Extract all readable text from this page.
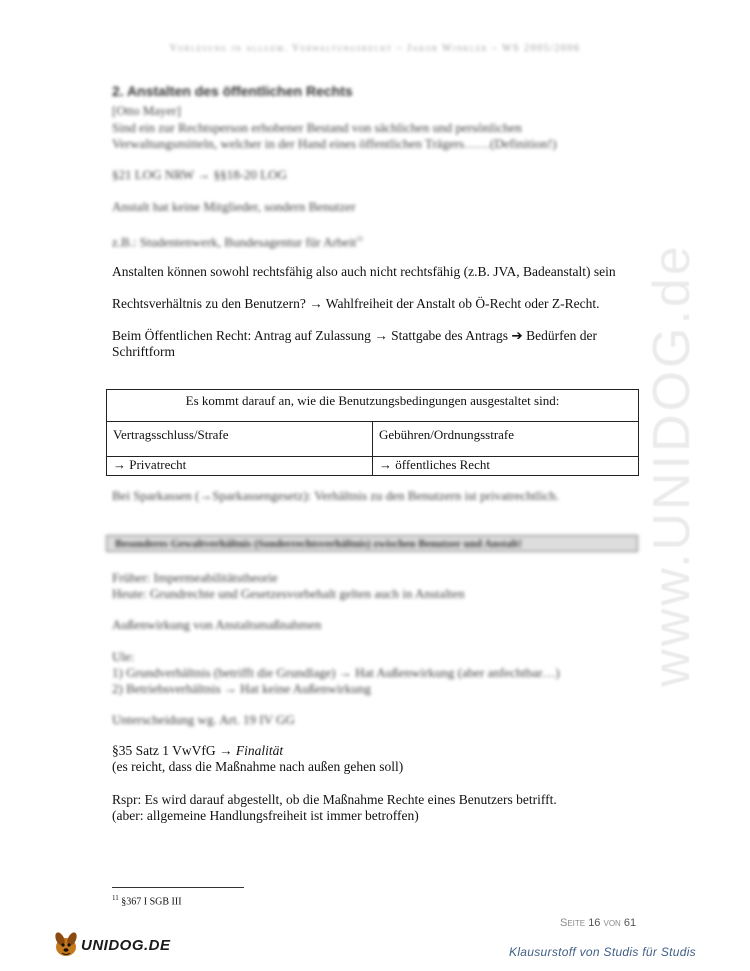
Vorlesung in allgem. Verwaltungsrecht – Jakob Winkler – WS 2005/2006
www.UNIDOG.de
2. Anstalten des öffentlichen Rechts
[Otto Mayer]
Sind ein zur Rechtsperson erhobener Bestand von sächlichen und persönlichen
Verwaltungsmitteln, welcher in der Hand eines öffentlichen Trägers……(Definition!)
§21 LOG NRW → §§18-20 LOG
Anstalt hat keine Mitglieder, sondern Benutzer
z.B.: Studentenwerk, Bundesagentur für Arbeit$^{11}$
Anstalten können sowohl rechtsfähig also auch nicht rechtsfähig (z.B. JVA, Badeanstalt) sein
Rechtsverhältnis zu den Benutzern? → Wahlfreiheit der Anstalt ob Ö-Recht oder Z-Recht.
Beim Öffentlichen Recht: Antrag auf Zulassung → Stattgabe des Antrags ➔ Bedürfen der
Schriftform
Es kommt darauf an, wie die Benutzungsbedingungen ausgestaltet sind:	
Vertragsschluss/Strafe	Gebühren/Ordnungsstrafe
→ Privatrecht	→ öffentliches Recht
Bei Sparkassen (→Sparkassengesetz): Verhältnis zu den Benutzern ist privatrechtlich.
Besonderes Gewaltverhältnis (Sonderrechtsverhältnis) zwischen Benutzer und Anstalt!
Früher: Impermeabilitätstheorie
Heute: Grundrechte und Gesetzesvorbehalt gelten auch in Anstalten
Außenwirkung von Anstaltsmaßnahmen
Ule:
1) Grundverhältnis (betrifft die Grundlage) → Hat Außenwirkung (aber anfechtbar…)
2) Betriebsverhältnis → Hat keine Außenwirkung
Unterscheidung wg. Art. 19 IV GG
§35 Satz 1 VwVfG → Finalität
(es reicht, dass die Maßnahme nach außen gehen soll)
Rspr: Es wird darauf abgestellt, ob die Maßnahme Rechte eines Benutzers betrifft.
(aber: allgemeine Handlungsfreiheit ist immer betroffen)
$^{11}$ §367 I SGB III
Seite 16 von 61
UNIDOG.DE	Klausurstoff von Studis für Studis
